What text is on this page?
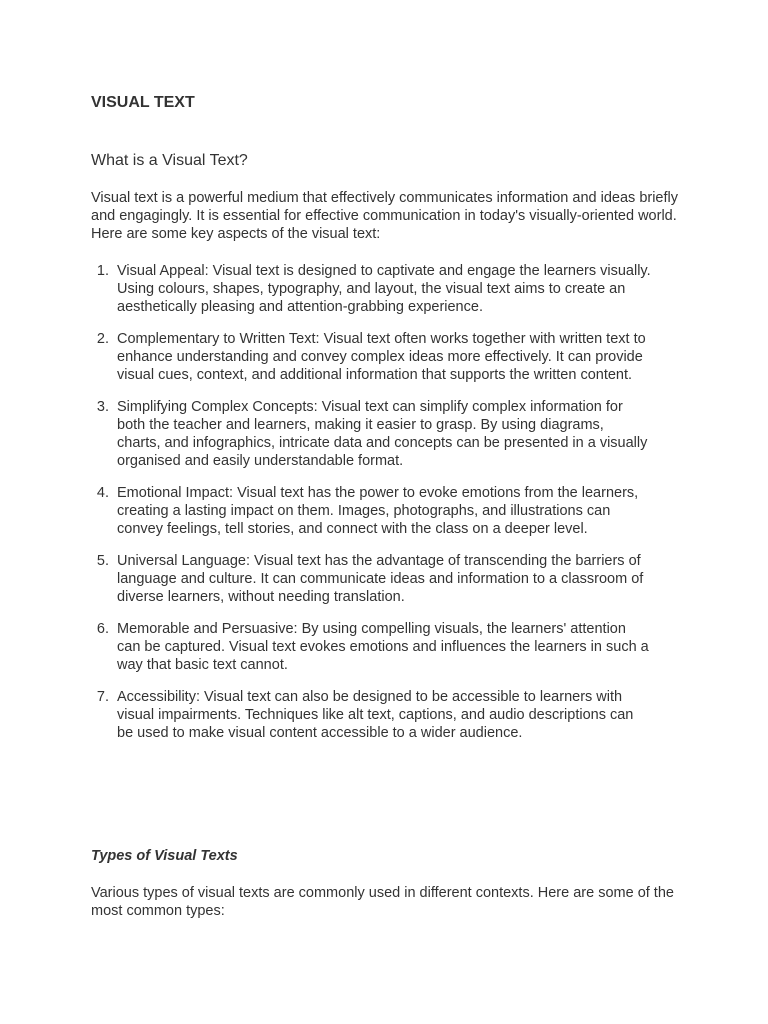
VISUAL TEXT
What is a Visual Text?

Visual text is a powerful medium that effectively communicates information and ideas briefly and engagingly. It is essential for effective communication in today's visually-oriented world. Here are some key aspects of the visual text:

1. Visual Appeal: Visual text is designed to captivate and engage the learners visually. Using colours, shapes, typography, and layout, the visual text aims to create an aesthetically pleasing and attention-grabbing experience.
2. Complementary to Written Text: Visual text often works together with written text to enhance understanding and convey complex ideas more effectively. It can provide visual cues, context, and additional information that supports the written content.
3. Simplifying Complex Concepts: Visual text can simplify complex information for both the teacher and learners, making it easier to grasp. By using diagrams, charts, and infographics, intricate data and concepts can be presented in a visually organised and easily understandable format.
4. Emotional Impact: Visual text has the power to evoke emotions from the learners, creating a lasting impact on them. Images, photographs, and illustrations can convey feelings, tell stories, and connect with the class on a deeper level.
5. Universal Language: Visual text has the advantage of transcending the barriers of language and culture. It can communicate ideas and information to a classroom of diverse learners, without needing translation.
6. Memorable and Persuasive: By using compelling visuals, the learners' attention can be captured. Visual text evokes emotions and influences the learners in such a way that basic text cannot.
7. Accessibility: Visual text can also be designed to be accessible to learners with visual impairments. Techniques like alt text, captions, and audio descriptions can be used to make visual content accessible to a wider audience.
Types of Visual Texts

Various types of visual texts are commonly used in different contexts. Here are some of the most common types:
